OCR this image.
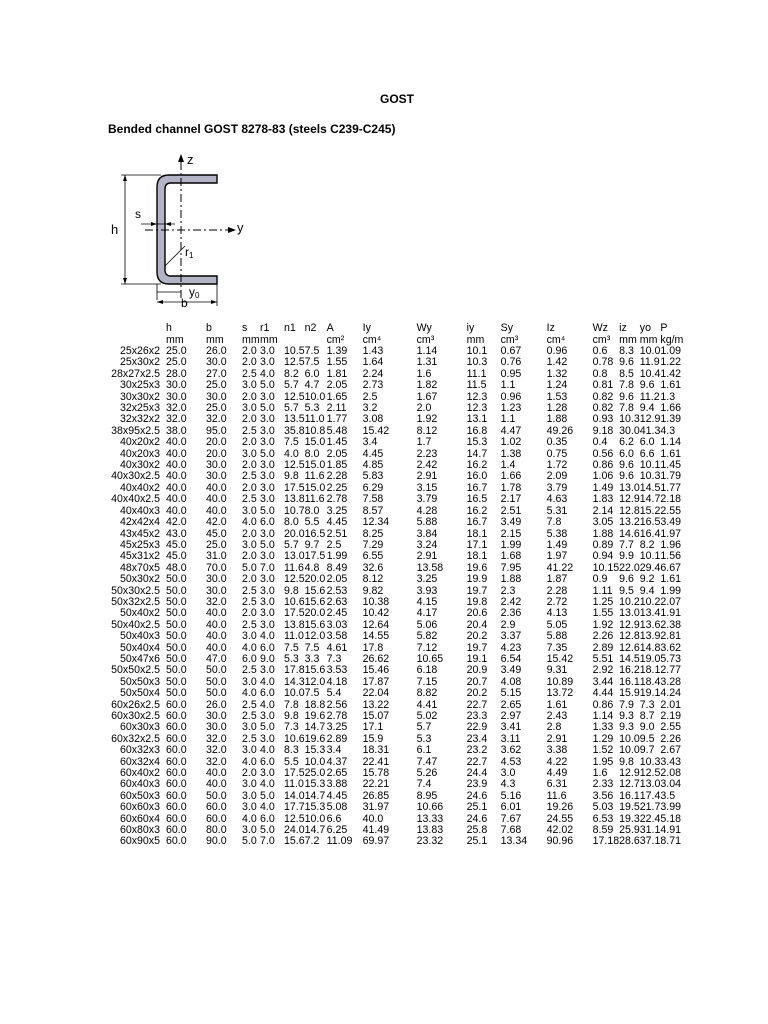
GOST
Bended channel GOST 8278-83 (steels C239-C245)
z
y
h
s
r1
y0
b
	h	b	s	r1	n1	n2	A	Iy	Wy	iy	Sy	Iz	Wz	iz	yo	P
	mm	mm	mm	mm			cm²	cm⁴	cm³	mm	cm³	cm⁴	cm³	mm	mm	kg/m
25x26x2	25.0	26.0	2.0	3.0	10.5	7.5	1.39	1.43	1.14	10.1	0.67	0.96	0.6	8.3	10.0	1.09
25x30x2	25.0	30.0	2.0	3.0	12.5	7.5	1.55	1.64	1.31	10.3	0.76	1.42	0.78	9.6	11.9	1.22
28x27x2.5	28.0	27.0	2.5	4.0	8.2	6.0	1.81	2.24	1.6	11.1	0.95	1.32	0.8	8.5	10.4	1.42
30x25x3	30.0	25.0	3.0	5.0	5.7	4.7	2.05	2.73	1.82	11.5	1.1	1.24	0.81	7.8	9.6	1.61
30x30x2	30.0	30.0	2.0	3.0	12.5	10.0	1.65	2.5	1.67	12.3	0.96	1.53	0.82	9.6	11.2	1.3
32x25x3	32.0	25.0	3.0	5.0	5.7	5.3	2.11	3.2	2.0	12.3	1.23	1.28	0.82	7.8	9.4	1.66
32x32x2	32.0	32.0	2.0	3.0	13.5	11.0	1.77	3.08	1.92	13.1	1.1	1.88	0.93	10.3	12.9	1.39
38x95x2.5	38.0	95.0	2.5	3.0	35.8	10.8	5.48	15.42	8.12	16.8	4.47	49.26	9.18	30.0	41.3	4.3
40x20x2	40.0	20.0	2.0	3.0	7.5	15.0	1.45	3.4	1.7	15.3	1.02	0.35	0.4	6.2	6.0	1.14
40x20x3	40.0	20.0	3.0	5.0	4.0	8.0	2.05	4.45	2.23	14.7	1.38	0.75	0.56	6.0	6.6	1.61
40x30x2	40.0	30.0	2.0	3.0	12.5	15.0	1.85	4.85	2.42	16.2	1.4	1.72	0.86	9.6	10.1	1.45
40x30x2.5	40.0	30.0	2.5	3.0	9.8	11.6	2.28	5.83	2.91	16.0	1.66	2.09	1.06	9.6	10.3	1.79
40x40x2	40.0	40.0	2.0	3.0	17.5	15.0	2.25	6.29	3.15	16.7	1.78	3.79	1.49	13.0	14.5	1.77
40x40x2.5	40.0	40.0	2.5	3.0	13.8	11.6	2.78	7.58	3.79	16.5	2.17	4.63	1.83	12.9	14.7	2.18
40x40x3	40.0	40.0	3.0	5.0	10.7	8.0	3.25	8.57	4.28	16.2	2.51	5.31	2.14	12.8	15.2	2.55
42x42x4	42.0	42.0	4.0	6.0	8.0	5.5	4.45	12.34	5.88	16.7	3.49	7.8	3.05	13.2	16.5	3.49
43x45x2	43.0	45.0	2.0	3.0	20.0	16.5	2.51	8.25	3.84	18.1	2.15	5.38	1.88	14.6	16.4	1.97
45x25x3	45.0	25.0	3.0	5.0	5.7	9.7	2.5	7.29	3.24	17.1	1.99	1.49	0.89	7.7	8.2	1.96
45x31x2	45.0	31.0	2.0	3.0	13.0	17.5	1.99	6.55	2.91	18.1	1.68	1.97	0.94	9.9	10.1	1.56
48x70x5	48.0	70.0	5.0	7.0	11.6	4.8	8.49	32.6	13.58	19.6	7.95	41.22	10.15	22.0	29.4	6.67
50x30x2	50.0	30.0	2.0	3.0	12.5	20.0	2.05	8.12	3.25	19.9	1.88	1.87	0.9	9.6	9.2	1.61
50x30x2.5	50.0	30.0	2.5	3.0	9.8	15.6	2.53	9.82	3.93	19.7	2.3	2.28	1.11	9.5	9.4	1.99
50x32x2.5	50.0	32.0	2.5	3.0	10.6	15.6	2.63	10.38	4.15	19.8	2.42	2.72	1.25	10.2	10.2	2.07
50x40x2	50.0	40.0	2.0	3.0	17.5	20.0	2.45	10.42	4.17	20.6	2.36	4.13	1.55	13.0	13.4	1.91
50x40x2.5	50.0	40.0	2.5	3.0	13.8	15.6	3.03	12.64	5.06	20.4	2.9	5.05	1.92	12.9	13.6	2.38
50x40x3	50.0	40.0	3.0	4.0	11.0	12.0	3.58	14.55	5.82	20.2	3.37	5.88	2.26	12.8	13.9	2.81
50x40x4	50.0	40.0	4.0	6.0	7.5	7.5	4.61	17.8	7.12	19.7	4.23	7.35	2.89	12.6	14.8	3.62
50x47x6	50.0	47.0	6.0	9.0	5.3	3.3	7.3	26.62	10.65	19.1	6.54	15.42	5.51	14.5	19.0	5.73
50x50x2.5	50.0	50.0	2.5	3.0	17.8	15.6	3.53	15.46	6.18	20.9	3.49	9.31	2.92	16.2	18.1	2.77
50x50x3	50.0	50.0	3.0	4.0	14.3	12.0	4.18	17.87	7.15	20.7	4.08	10.89	3.44	16.1	18.4	3.28
50x50x4	50.0	50.0	4.0	6.0	10.0	7.5	5.4	22.04	8.82	20.2	5.15	13.72	4.44	15.9	19.1	4.24
60x26x2.5	60.0	26.0	2.5	4.0	7.8	18.8	2.56	13.22	4.41	22.7	2.65	1.61	0.86	7.9	7.3	2.01
60x30x2.5	60.0	30.0	2.5	3.0	9.8	19.6	2.78	15.07	5.02	23.3	2.97	2.43	1.14	9.3	8.7	2.19
60x30x3	60.0	30.0	3.0	5.0	7.3	14.7	3.25	17.1	5.7	22.9	3.41	2.8	1.33	9.3	9.0	2.55
60x32x2.5	60.0	32.0	2.5	3.0	10.6	19.6	2.89	15.9	5.3	23.4	3.11	2.91	1.29	10.0	9.5	2.26
60x32x3	60.0	32.0	3.0	4.0	8.3	15.3	3.4	18.31	6.1	23.2	3.62	3.38	1.52	10.0	9.7	2.67
60x32x4	60.0	32.0	4.0	6.0	5.5	10.0	4.37	22.41	7.47	22.7	4.53	4.22	1.95	9.8	10.3	3.43
60x40x2	60.0	40.0	2.0	3.0	17.5	25.0	2.65	15.78	5.26	24.4	3.0	4.49	1.6	12.9	12.5	2.08
60x40x3	60.0	40.0	3.0	4.0	11.0	15.3	3.88	22.21	7.4	23.9	4.3	6.31	2.33	12.7	13.0	3.04
60x50x3	60.0	50.0	3.0	5.0	14.0	14.7	4.45	26.85	8.95	24.6	5.16	11.6	3.56	16.1	17.4	3.5
60x60x3	60.0	60.0	3.0	4.0	17.7	15.3	5.08	31.97	10.66	25.1	6.01	19.26	5.03	19.5	21.7	3.99
60x60x4	60.0	60.0	4.0	6.0	12.5	10.0	6.6	40.0	13.33	24.6	7.67	24.55	6.53	19.3	22.4	5.18
60x80x3	60.0	80.0	3.0	5.0	24.0	14.7	6.25	41.49	13.83	25.8	7.68	42.02	8.59	25.9	31.1	4.91
60x90x5	60.0	90.0	5.0	7.0	15.6	7.2	11.09	69.97	23.32	25.1	13.34	90.96	17.18	28.6	37.1	8.71
